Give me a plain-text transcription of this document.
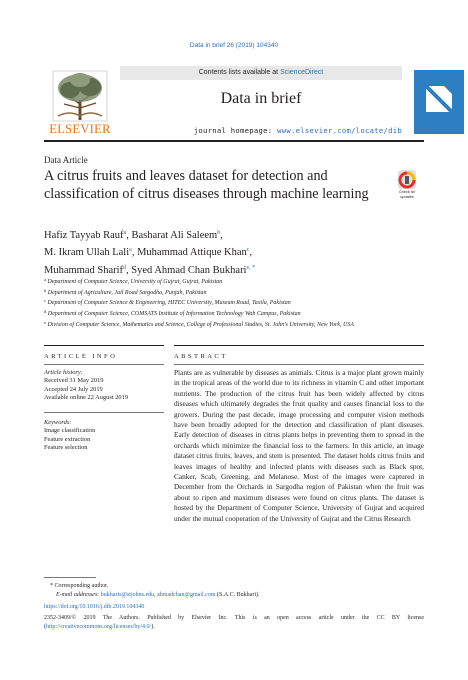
Data in brief 26 (2019) 104340
ELSEVIER
Contents lists available at ScienceDirect
Data in brief
journal homepage: www.elsevier.com/locate/dib
Data Article
A citrus fruits and leaves dataset for detection and classification of citrus diseases through machine learning	Check for updates
Hafiz Tayyab Rauf$^a$, Basharat Ali Saleem$^b$,
M. Ikram Ullah Lali$^a$, Muhammad Attique Khan$^c$,
Muhammad Sharif$^d$, Syed Ahmad Chan Bukhari$^{e, *}$
$^a$ Department of Computer Science, University of Gujrat, Gujrat, Pakistan
$^b$ Department of Agriculture, Jail Road Sargodha, Punjab, Pakistan
$^c$ Department of Computer Science & Engineering, HITEC University, Museum Road, Taxila, Pakistan
$^d$ Department of Computer Science, COMSATS Institute of Information Technology Wah Campus, Pakistan
$^e$ Division of Computer Science, Mathematics and Science, College of Professional Studies, St. John's University, New York, USA
ARTICLE INFO	ABSTRACT
Article history:
Received 31 May 2019
Accepted 24 July 2019
Available online 22 August 2019
Keywords:
Image classification
Feature extraction
Feature selection
Plants are as vulnerable by diseases as animals. Citrus is a major plant grown mainly in the tropical areas of the world due to its richness in vitamin C and other important nutrients. The production of the citrus fruit has been widely affected by citrus diseases which ultimately degrades the fruit quality and causes financial loss to the growers. During the past decade, image processing and computer vision methods have been broadly adopted for the detection and classification of plant diseases. Early detection of diseases in citrus plants helps in preventing them to spread in the orchards which minimize the financial loss to the farmers. In this article, an image dataset citrus fruits, leaves, and stem is presented. The dataset holds citrus fruits and leaves images of healthy and infected plants with diseases such as Black spot, Canker, Scab, Greening, and Melanose. Most of the images were captured in December from the Orchards in Sargodha region of Pakistan when the fruit was about to ripen and maximum diseases were found on citrus plants. The dataset is hosted by the Department of Computer Science, University of Gujrat and acquired under the mutual cooperation of the University of Gujrat and the Citrus Research
* Corresponding author.
E-mail addresses: bukharis@stjohns.edu, ahmadchan@gmail.com (S.A.C. Bukhari).
https://doi.org/10.1016/j.dib.2019.104340
2352-3409/© 2019 The Authors. Published by Elsevier Inc. This is an open access article under the CC BY license (http://creativecommons.org/licenses/by/4.0/).
